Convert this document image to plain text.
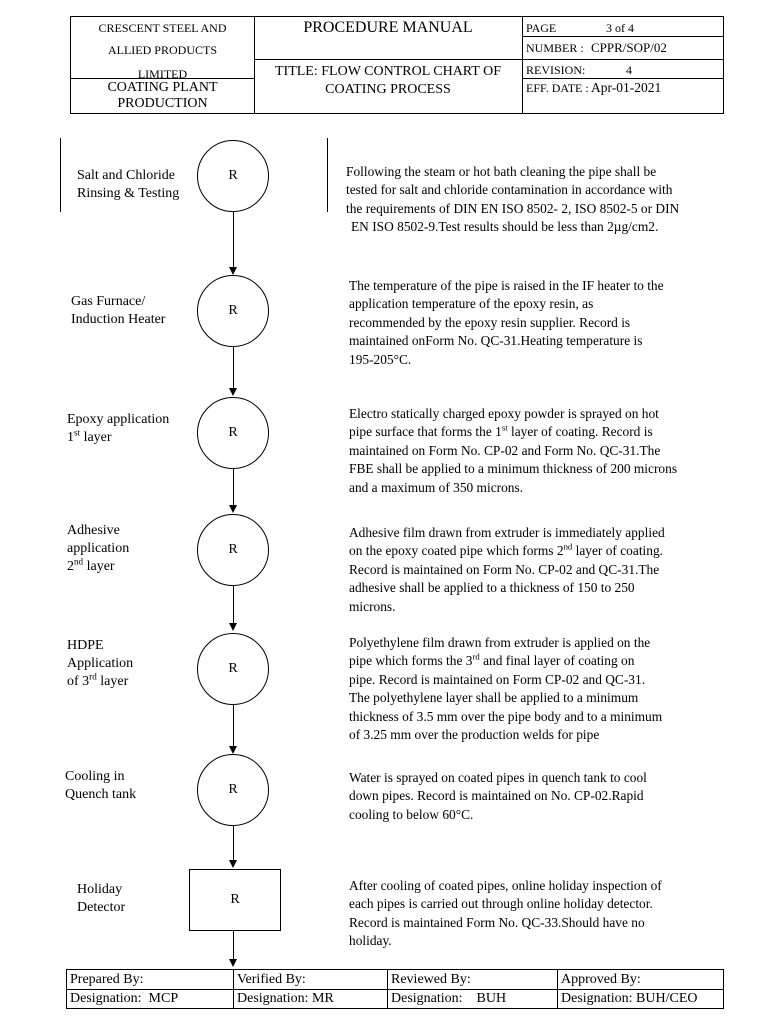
CRESCENT STEEL AND
ALLIED PRODUCTS
LIMITED
COATING PLANT
PRODUCTION
PROCEDURE MANUAL
TITLE: FLOW CONTROL CHART OF
COATING PROCESS
PAGE	3 of 4
NUMBER : CPPR/SOP/02
REVISION:	4
EFF. DATE : Apr-01-2021
Salt and Chloride
Rinsing & Testing
R	Following the steam or hot bath cleaning the pipe shall be
tested for salt and chloride contamination in accordance with
the requirements of DIN EN ISO 8502- 2, ISO 8502-5 or DIN
EN ISO 8502-9.Test results should be less than 2µg/cm2.
Gas Furnace/
Induction Heater
R
The temperature of the pipe is raised in the IF heater to the
application temperature of the epoxy resin, as
recommended by the epoxy resin supplier. Record is
maintained onForm No. QC-31.Heating temperature is
195-205°C.
Epoxy application
1st layer	R
Electro statically charged epoxy powder is sprayed on hot
pipe surface that forms the 1st layer of coating. Record is
maintained on Form No. CP-02 and Form No. QC-31.The
FBE shall be applied to a minimum thickness of 200 microns
and a maximum of 350 microns.
Adhesive
application
2nd layer
R
Adhesive film drawn from extruder is immediately applied
on the epoxy coated pipe which forms 2nd layer of coating.
Record is maintained on Form No. CP-02 and QC-31.The
adhesive shall be applied to a thickness of 150 to 250
microns.
HDPE
Application
of 3rd layer
R
Polyethylene film drawn from extruder is applied on the
pipe which forms the 3rd and final layer of coating on
pipe. Record is maintained on Form CP-02 and QC-31.
The polyethylene layer shall be applied to a minimum
thickness of 3.5 mm over the pipe body and to a minimum
of 3.25 mm over the production welds for pipe
Cooling in
Quench tank	R
Water is sprayed on coated pipes in quench tank to cool
down pipes. Record is maintained on No. CP-02.Rapid
cooling to below 60°C.
Holiday
Detector
R
After cooling of coated pipes, online holiday inspection of
each pipes is carried out through online holiday detector.
Record is maintained Form No. QC-33.Should have no
holiday.
Prepared By:	Verified By:	Reviewed By:	Approved By:
Designation: MCP	Designation: MR	Designation: BUH	Designation: BUH/CEO
